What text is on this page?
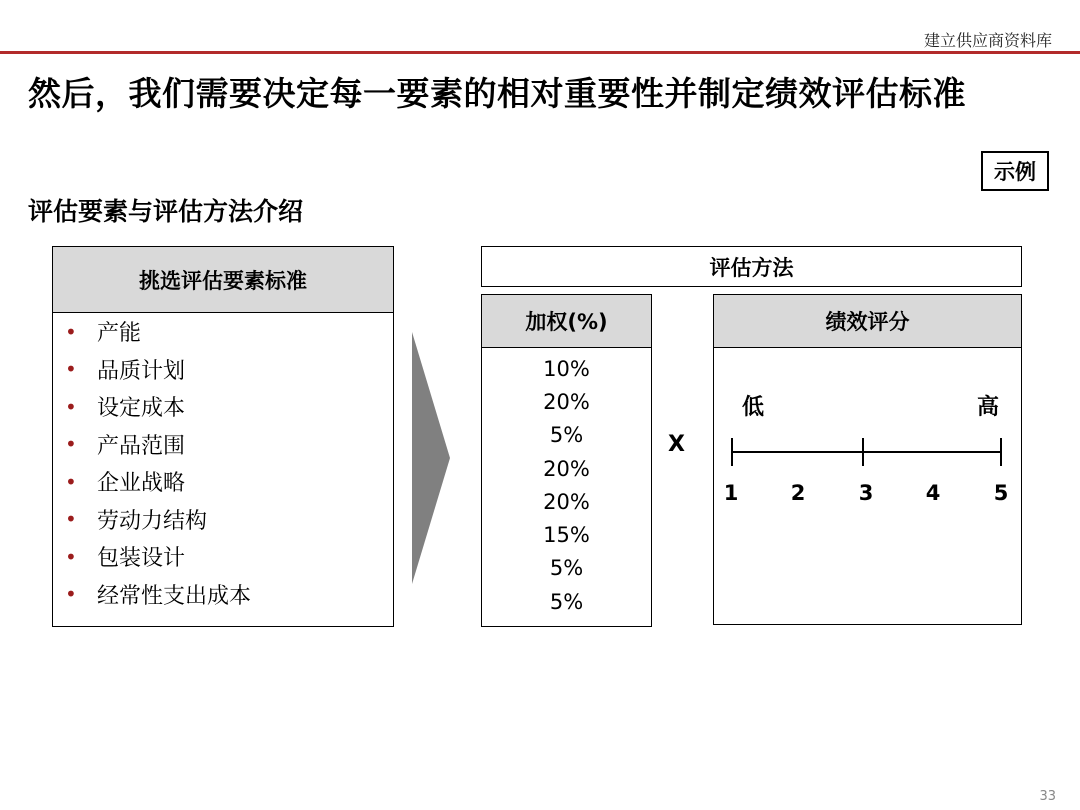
建立供应商资料库
然后，我们需要决定每一要素的相对重要性并制定绩效评估标准
示例
评估要素与评估方法介绍
挑选评估要素标准
• 产能
• 品质计划
• 设定成本
• 产品范围
• 企业战略
• 劳动力结构
• 包装设计
• 经常性支出成本
评估方法
加权(%)
10%
20%
5%
20%
20%
15%
5%
5%
X
绩效评分
低	高
1	2	3	4	5
33
